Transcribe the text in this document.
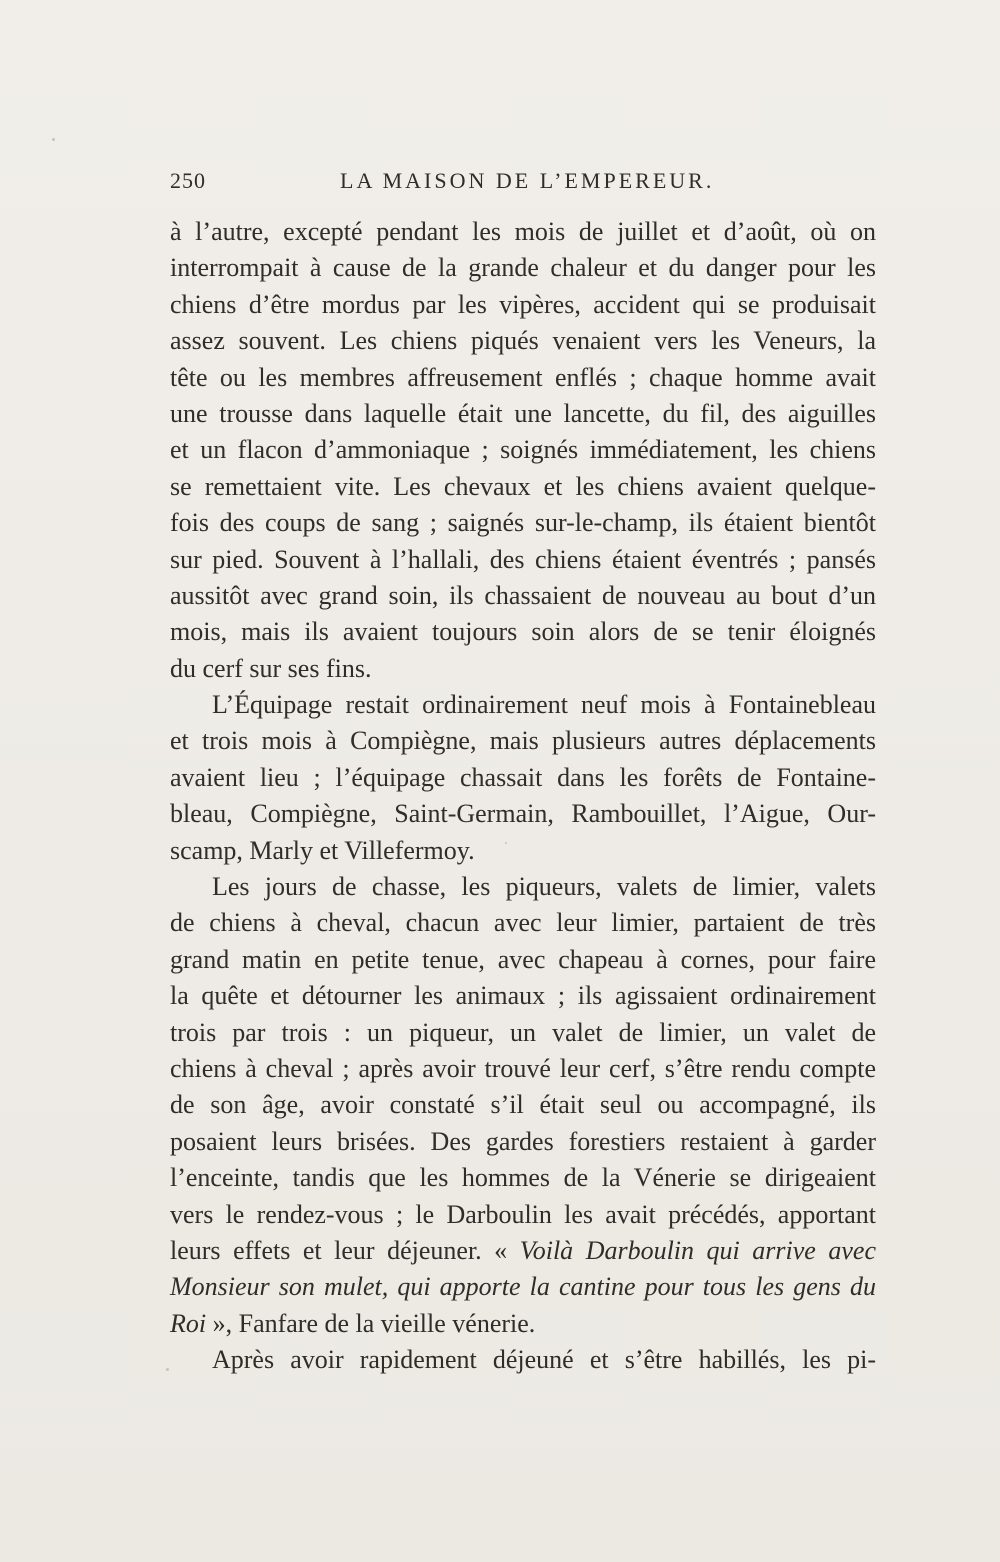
250	LA MAISON DE L’EMPEREUR.
à l’autre, excepté pendant les mois de juillet et d’août, où on
interrompait à cause de la grande chaleur et du danger pour les
chiens d’être mordus par les vipères, accident qui se produisait
assez souvent. Les chiens piqués venaient vers les Veneurs, la
tête ou les membres affreusement enflés ; chaque homme avait
une trousse dans laquelle était une lancette, du fil, des aiguilles
et un flacon d’ammoniaque ; soignés immédiatement, les chiens
se remettaient vite. Les chevaux et les chiens avaient quelque-
fois des coups de sang ; saignés sur-le-champ, ils étaient bientôt
sur pied. Souvent à l’hallali, des chiens étaient éventrés ; pansés
aussitôt avec grand soin, ils chassaient de nouveau au bout d’un
mois, mais ils avaient toujours soin alors de se tenir éloignés
du cerf sur ses fins.
L’Équipage restait ordinairement neuf mois à Fontainebleau
et trois mois à Compiègne, mais plusieurs autres déplacements
avaient lieu ; l’équipage chassait dans les forêts de Fontaine-
bleau, Compiègne, Saint-Germain, Rambouillet, l’Aigue, Our-
scamp, Marly et Villefermoy.
Les jours de chasse, les piqueurs, valets de limier, valets
de chiens à cheval, chacun avec leur limier, partaient de très
grand matin en petite tenue, avec chapeau à cornes, pour faire
la quête et détourner les animaux ; ils agissaient ordinairement
trois par trois : un piqueur, un valet de limier, un valet de
chiens à cheval ; après avoir trouvé leur cerf, s’être rendu compte
de son âge, avoir constaté s’il était seul ou accompagné, ils
posaient leurs brisées. Des gardes forestiers restaient à garder
l’enceinte, tandis que les hommes de la Vénerie se dirigeaient
vers le rendez-vous ; le Darboulin les avait précédés, apportant
leurs effets et leur déjeuner. « Voilà Darboulin qui arrive avec
Monsieur son mulet, qui apporte la cantine pour tous les gens du
Roi », Fanfare de la vieille vénerie.
Après avoir rapidement déjeuné et s’être habillés, les pi-
